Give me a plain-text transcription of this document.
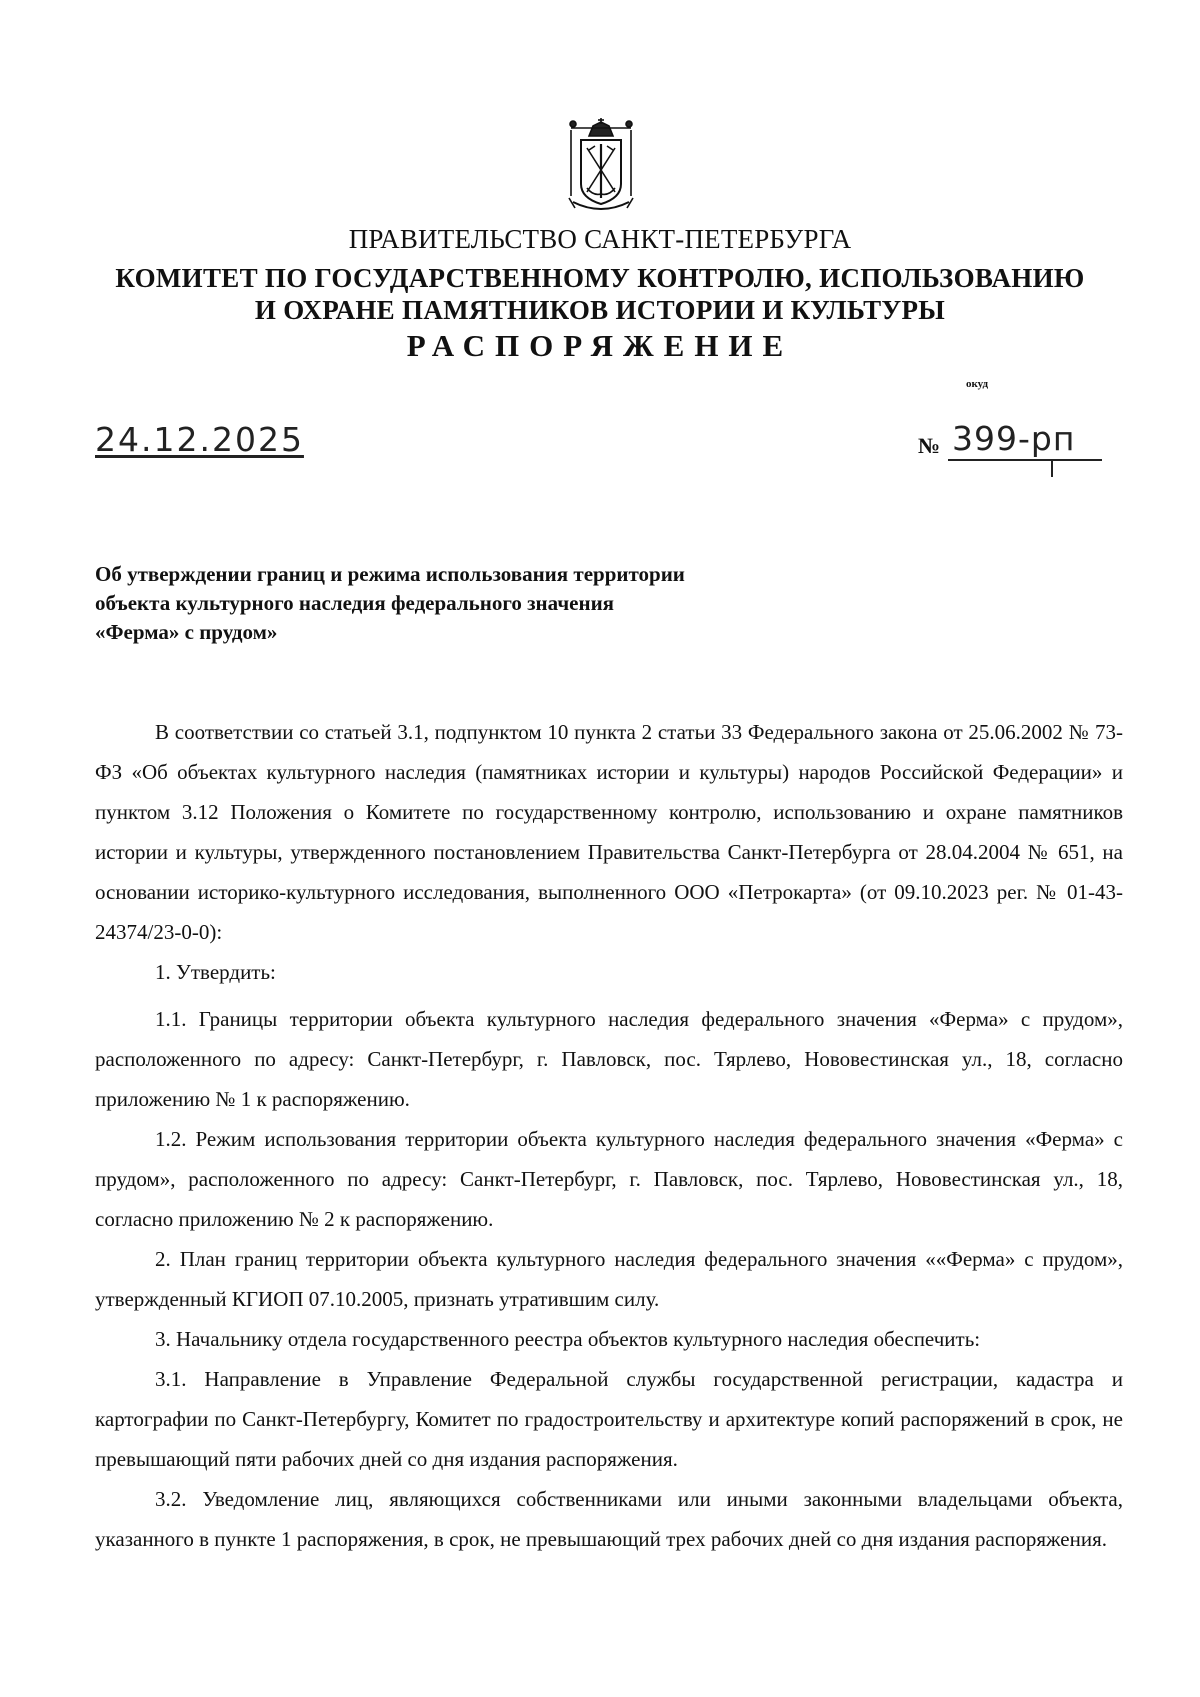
ПРАВИТЕЛЬСТВО САНКТ-ПЕТЕРБУРГА
КОМИТЕТ ПО ГОСУДАРСТВЕННОМУ КОНТРОЛЮ, ИСПОЛЬЗОВАНИЮ
И ОХРАНЕ ПАМЯТНИКОВ ИСТОРИИ И КУЛЬТУРЫ
РАСПОРЯЖЕНИЕ
окуд
24.12.2025	№ 399-рп
Об утверждении границ и режима использования территории
объекта культурного наследия федерального значения
«Ферма» с прудом»

В соответствии со статьей 3.1, подпунктом 10 пункта 2 статьи 33 Федерального закона от 25.06.2002 № 73-ФЗ «Об объектах культурного наследия (памятниках истории и культуры) народов Российской Федерации» и пунктом 3.12 Положения о Комитете по государственному контролю, использованию и охране памятников истории и культуры, утвержденного постановлением Правительства Санкт-Петербурга от 28.04.2004 № 651, на основании историко-культурного исследования, выполненного ООО «Петрокарта» (от 09.10.2023 рег. № 01-43-24374/23-0-0):

1. Утвердить:

1.1. Границы территории объекта культурного наследия федерального значения «Ферма» с прудом», расположенного по адресу: Санкт-Петербург, г. Павловск, пос. Тярлево, Нововестинская ул., 18, согласно приложению № 1 к распоряжению.

1.2. Режим использования территории объекта культурного наследия федерального значения «Ферма» с прудом», расположенного по адресу: Санкт-Петербург, г. Павловск, пос. Тярлево, Нововестинская ул., 18, согласно приложению № 2 к распоряжению.

2. План границ территории объекта культурного наследия федерального значения ««Ферма» с прудом», утвержденный КГИОП 07.10.2005, признать утратившим силу.

3. Начальнику отдела государственного реестра объектов культурного наследия обеспечить:

3.1. Направление в Управление Федеральной службы государственной регистрации, кадастра и картографии по Санкт-Петербургу, Комитет по градостроительству и архитектуре копий распоряжений в срок, не превышающий пяти рабочих дней со дня издания распоряжения.

3.2. Уведомление лиц, являющихся собственниками или иными законными владельцами объекта, указанного в пункте 1 распоряжения, в срок, не превышающий трех рабочих дней со дня издания распоряжения.
